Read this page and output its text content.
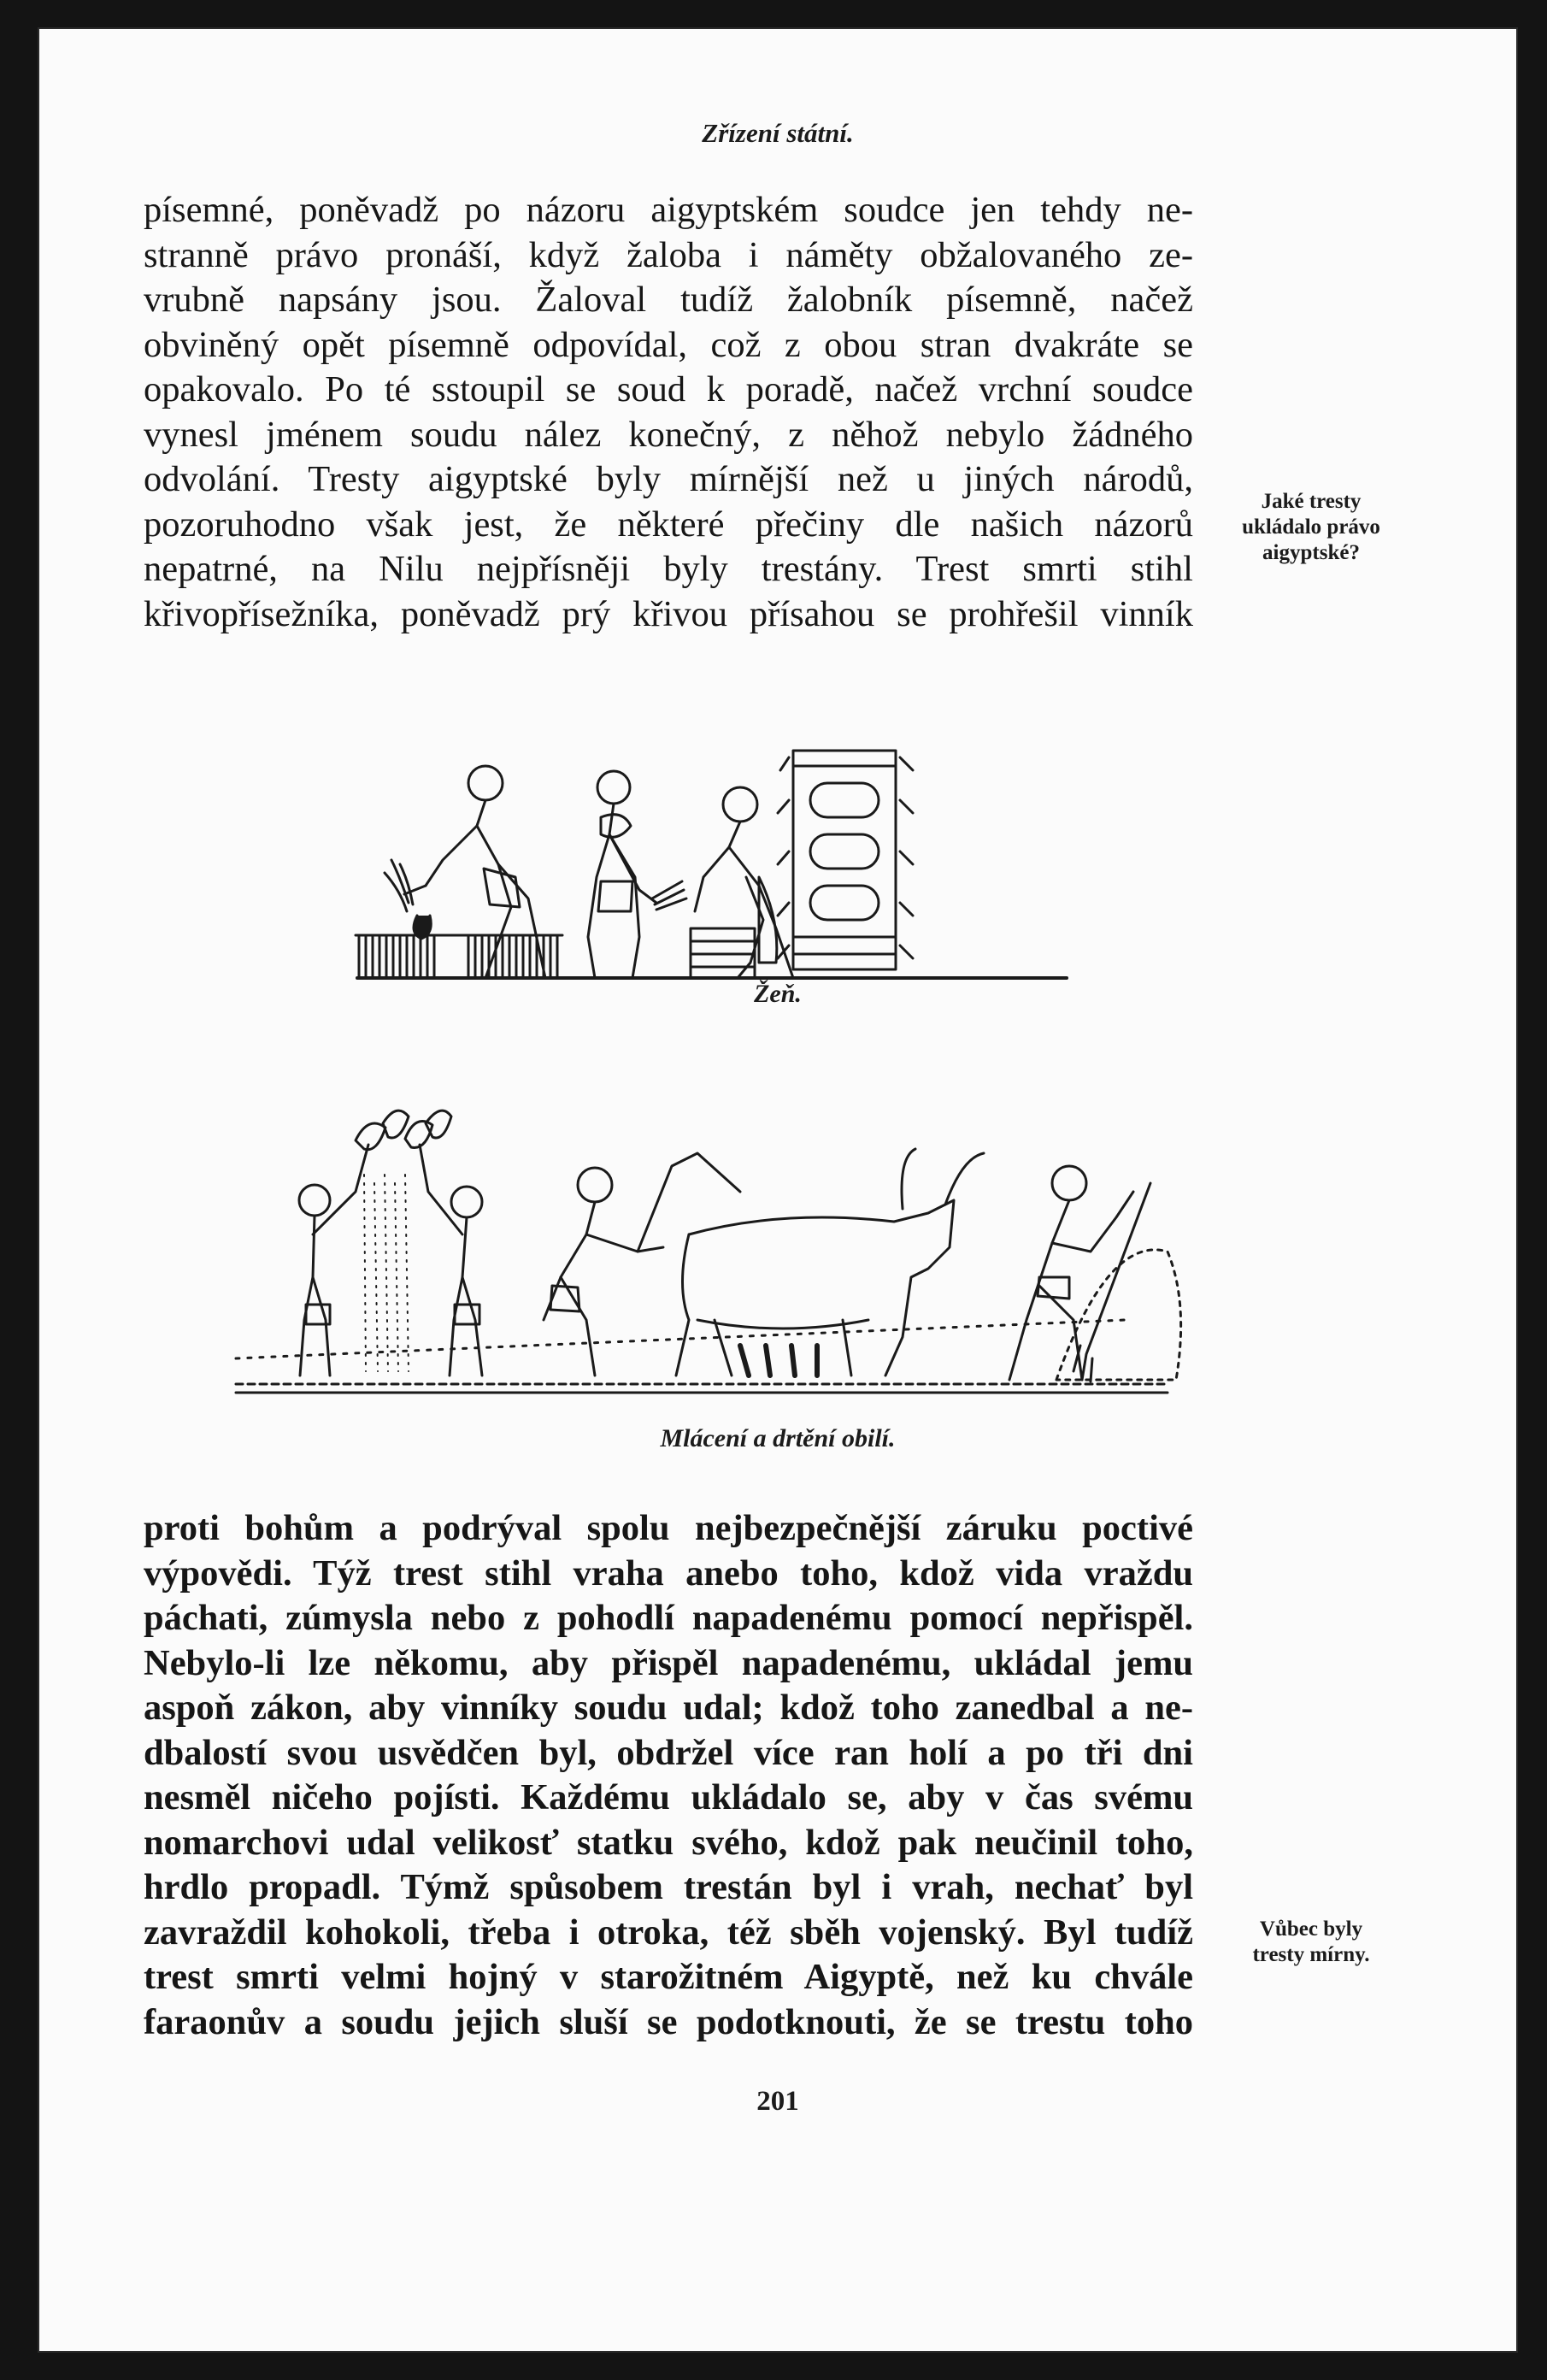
Zřízení státní.

písemné, poněvadž po názoru aigyptském soudce jen tehdy ne-

stranně právo pronáší, když žaloba i náměty obžalovaného ze-

vrubně napsány jsou. Žaloval tudíž žalobník písemně, načež

obviněný opět písemně odpovídal, což z obou stran dvakráte se

opakovalo. Po té sstoupil se soud k poradě, načež vrchní soudce

vynesl jménem soudu nález konečný, z něhož nebylo žádného

odvolání. Tresty aigyptské byly mírnější než u jiných národů,

pozoruhodno však jest, že některé přečiny dle našich názorů

nepatrné, na Nilu nejpřísněji byly trestány. Trest smrti stihl

křivopřísežníka, poněvadž prý křivou přísahou se prohřešil vinník

Jaké tresty

ukládalo právo

aigyptské?

Žeň.
Mlácení a drtění obilí.

proti bohům a podrýval spolu nejbezpečnější záruku poctivé

výpovědi. Týž trest stihl vraha anebo toho, kdož vida vraždu

páchati, zúmysla nebo z pohodlí napadenému pomocí nepřispěl.

Nebylo-li lze někomu, aby přispěl napadenému, ukládal jemu

aspoň zákon, aby vinníky soudu udal; kdož toho zanedbal a ne-

dbalostí svou usvědčen byl, obdržel více ran holí a po tři dni

nesměl ničeho pojísti. Každému ukládalo se, aby v čas svému

nomarchovi udal velikosť statku svého, kdož pak neučinil toho,

hrdlo propadl. Týmž spůsobem trestán byl i vrah, nechať byl

zavraždil kohokoli, třeba i otroka, též sběh vojenský. Byl tudíž

trest smrti velmi hojný v starožitném Aigyptě, než ku chvále

faraonův a soudu jejich sluší se podotknouti, že se trestu toho

Vůbec byly

tresty mírny.

201
